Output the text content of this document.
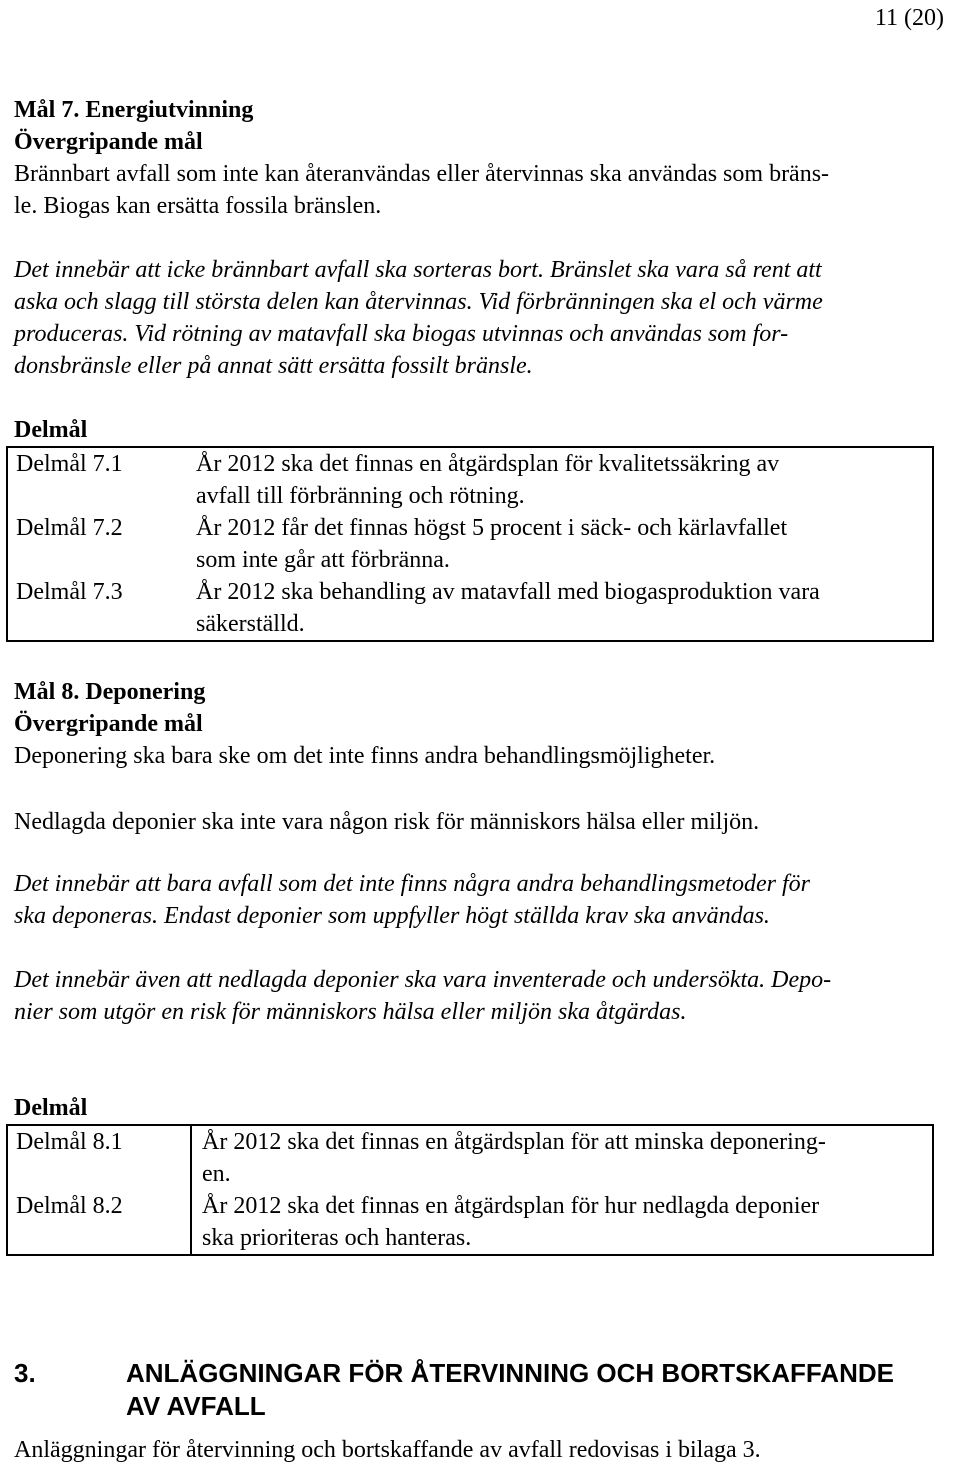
11 (20)
Mål 7. Energiutvinning
Övergripande mål
Brännbart avfall som inte kan återanvändas eller återvinnas ska användas som bräns-
le. Biogas kan ersätta fossila bränslen.
Det innebär att icke brännbart avfall ska sorteras bort. Bränslet ska vara så rent att
aska och slagg till största delen kan återvinnas. Vid förbränningen ska el och värme
produceras. Vid rötning av matavfall ska biogas utvinnas och användas som for-
donsbränsle eller på annat sätt ersätta fossilt bränsle.
Delmål
Delmål 7.1	År 2012 ska det finnas en åtgärdsplan för kvalitetssäkring av
avfall till förbränning och rötning.

Delmål 7.2	År 2012 får det finnas högst 5 procent i säck- och kärlavfallet
som inte går att förbränna.

Delmål 7.3	År 2012 ska behandling av matavfall med biogasproduktion vara
säkerställd.
Mål 8. Deponering
Övergripande mål
Deponering ska bara ske om det inte finns andra behandlingsmöjligheter.
Nedlagda deponier ska inte vara någon risk för människors hälsa eller miljön.
Det innebär att bara avfall som det inte finns några andra behandlingsmetoder för
ska deponeras. Endast deponier som uppfyller högt ställda krav ska användas.
Det innebär även att nedlagda deponier ska vara inventerade och undersökta. Depo-
nier som utgör en risk för människors hälsa eller miljön ska åtgärdas.
Delmål
Delmål 8.1	År 2012 ska det finnas en åtgärdsplan för att minska deponering-
en.

Delmål 8.2	År 2012 ska det finnas en åtgärdsplan för hur nedlagda deponier
ska prioriteras och hanteras.
3.	ANLÄGGNINGAR FÖR ÅTERVINNING OCH BORTSKAFFANDE
AV AVFALL
Anläggningar för återvinning och bortskaffande av avfall redovisas i bilaga 3.
